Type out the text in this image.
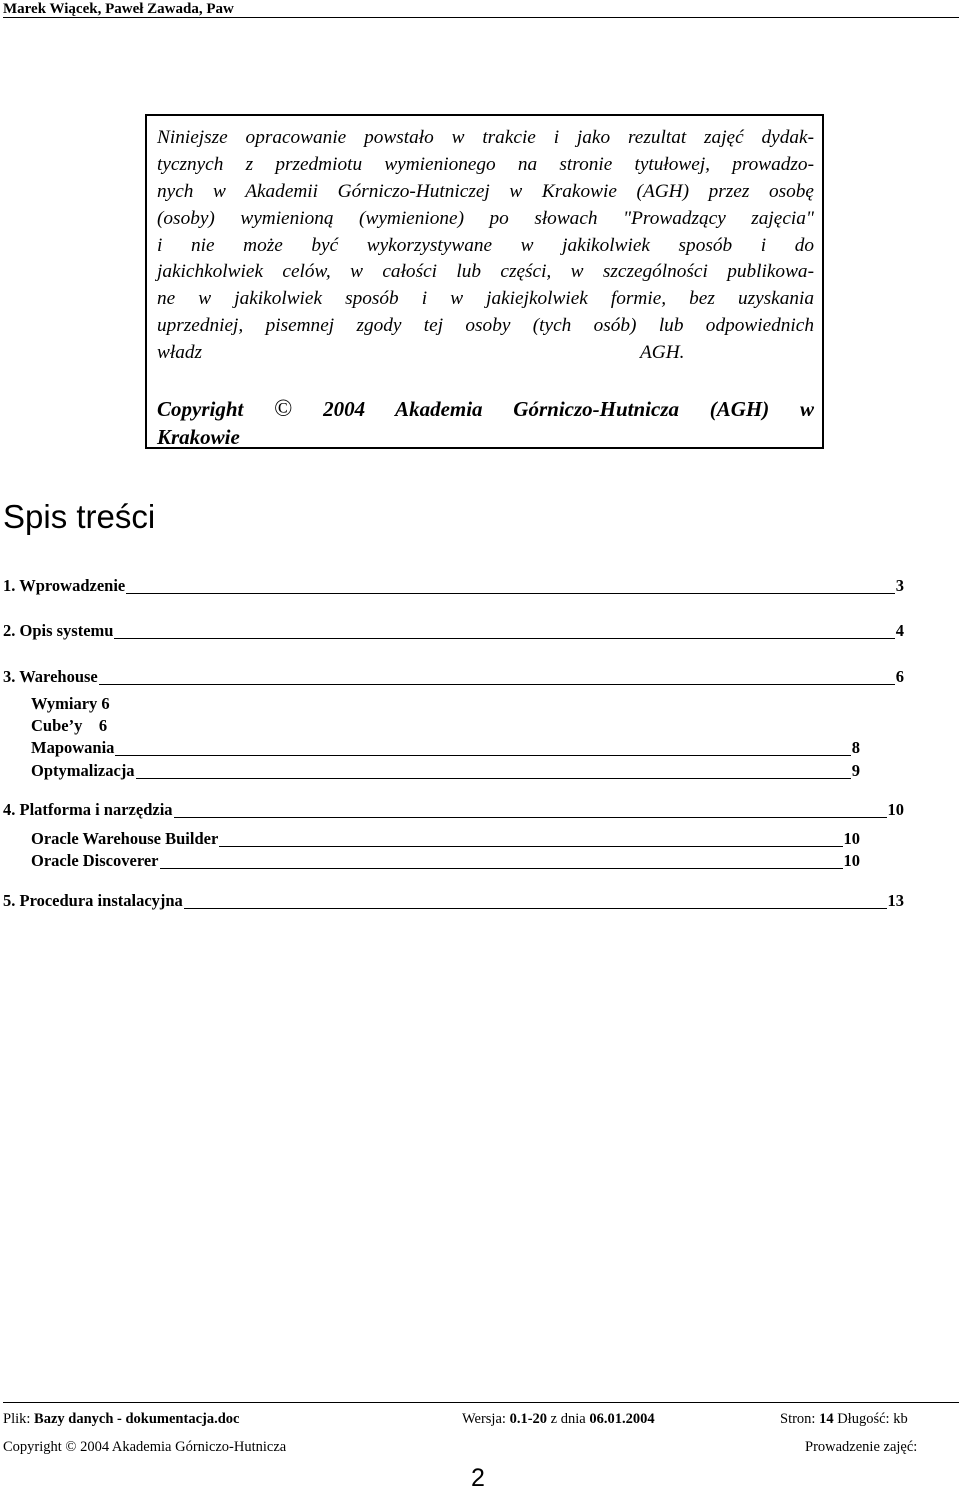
Marek Wiącek, Paweł Zawada, Paw
Niniejsze opracowanie powstało w trakcie i jako rezultat zajęć dydak-
tycznych z przedmiotu wymienionego na stronie tytułowej, prowadzo-
nych w Akademii Górniczo-Hutniczej w Krakowie (AGH) przez osobę
(osoby) wymienioną (wymienione) po słowach "Prowadzący zajęcia"
i nie może być wykorzystywane w jakikolwiek sposób i do
jakichkolwiek celów, w całości lub części, w szczególności publikowa-
ne w jakikolwiek sposób i w jakiejkolwiek formie, bez uzyskania
uprzedniej, pisemnej zgody tej osoby (tych osób) lub odpowiednich
władz	AGH.
Copyright © 2004 Akademia Górniczo-Hutnicza (AGH) w
Krakowie
Spis treści
1. Wprowadzenie	3
2. Opis systemu	4
3. Warehouse	6
Wymiary 6
Cube’y    6
Mapowania	8
Optymalizacja	9
4. Platforma i narzędzia	10
Oracle Warehouse Builder	10
Oracle Discoverer	10
5. Procedura instalacyjna	13
Plik: Bazy danych - dokumentacja.doc	Wersja: 0.1-20 z dnia 06.01.2004	Stron: 14 Długość: kb
Copyright © 2004 Akademia Górniczo-Hutnicza	Prowadzenie zajęć:
2
